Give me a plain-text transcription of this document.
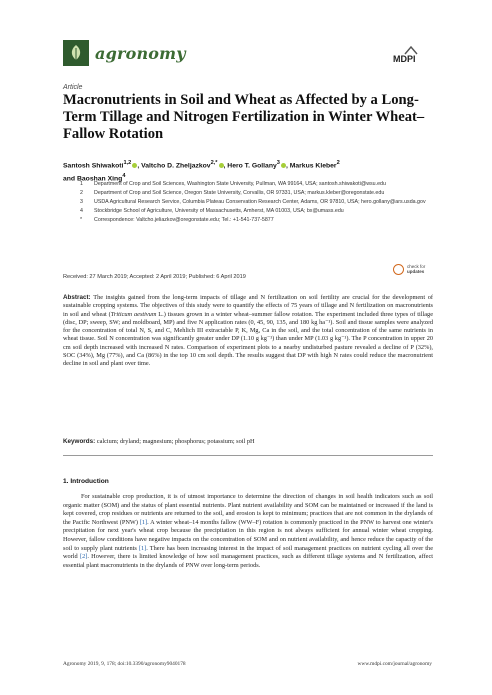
agronomy	MDPI
Article
Macronutrients in Soil and Wheat as Affected by a Long-Term Tillage and Nitrogen Fertilization in Winter Wheat–Fallow Rotation
Santosh Shiwakoti$^{1,2}$ , Valtcho D. Zheljazkov$^{2,*}$ , Hero T. Gollany$^3$ , Markus Kleber$^2$
and Baoshan Xing$^4$
1 Department of Crop and Soil Sciences, Washington State University, Pullman, WA 99164, USA; santosh.shiwakoti@wsu.edu
2 Department of Crop and Soil Science, Oregon State University, Corvallis, OR 97331, USA; markus.kleber@oregonstate.edu
3 USDA Agricultural Research Service, Columbia Plateau Conservation Research Center, Adams, OR 97810, USA; hero.gollany@ars.usda.gov
4 Stockbridge School of Agriculture, University of Massachusetts, Amherst, MA 01003, USA; bx@umass.edu
* Correspondence: Valtcho.jeliazkov@oregonstate.edu; Tel.: +1-541-737-5877
Received: 27 March 2019; Accepted: 2 April 2019; Published: 6 April 2019
check for
updates
Abstract: The insights gained from the long-term impacts of tillage and N fertilization on soil fertility are crucial for the development of sustainable cropping systems. The objectives of this study were to quantify the effects of 75 years of tillage and N fertilization on macronutrients in soil and wheat (Triticum aestivum L.) tissues grown in a winter wheat–summer fallow rotation. The experiment included three types of tillage (disc, DP; sweep, SW; and moldboard, MP) and five N application rates (0, 45, 90, 135, and 180 kg ha⁻¹). Soil and tissue samples were analyzed for the concentration of total N, S, and C, Mehlich III extractable P, K, Mg, Ca in the soil, and the total concentration of the same nutrients in wheat tissue. Soil N concentration was significantly greater under DP (1.10 g kg⁻¹) than under MP (1.03 g kg⁻¹). The P concentration in upper 20 cm soil depth increased with increased N rates. Comparison of experiment plots to a nearby undisturbed pasture revealed a decline of P (32%), SOC (34%), Mg (77%), and Ca (86%) in the top 10 cm soil depth. The results suggest that DP with high N rates could reduce the macronutrient decline in soil and plant over time.
Keywords: calcium; dryland; magnesium; phosphorus; potassium; soil pH
1. Introduction
For sustainable crop production, it is of utmost importance to determine the direction of changes in soil health indicators such as soil organic matter (SOM) and the status of plant essential nutrients. Plant nutrient availability and SOM can be maintained or increased if the land is kept covered, crop residues or nutrients are returned to the soil, and erosion is kept to minimum; practices that are not common in the drylands of the Pacific Northwest (PNW) [1]. A winter wheat–14 months fallow (WW–F) rotation is commonly practiced in the PNW to harvest one winter's precipitation for next year's wheat crop because the precipitation in this region is not always sufficient for annual winter wheat cropping. However, fallow conditions have negative impacts on the concentration of SOM and on nutrient availability, and hence reduce the capacity of the soil to supply plant nutrients [1]. There has been increasing interest in the impact of soil management practices on nutrient cycling all over the world [2]. However, there is limited knowledge of how soil management practices, such as different tillage systems and N fertilization, affect essential plant macronutrients in the drylands of PNW over long-term periods.
Agronomy 2019, 9, 178; doi:10.3390/agronomy9040178	www.mdpi.com/journal/agronomy
